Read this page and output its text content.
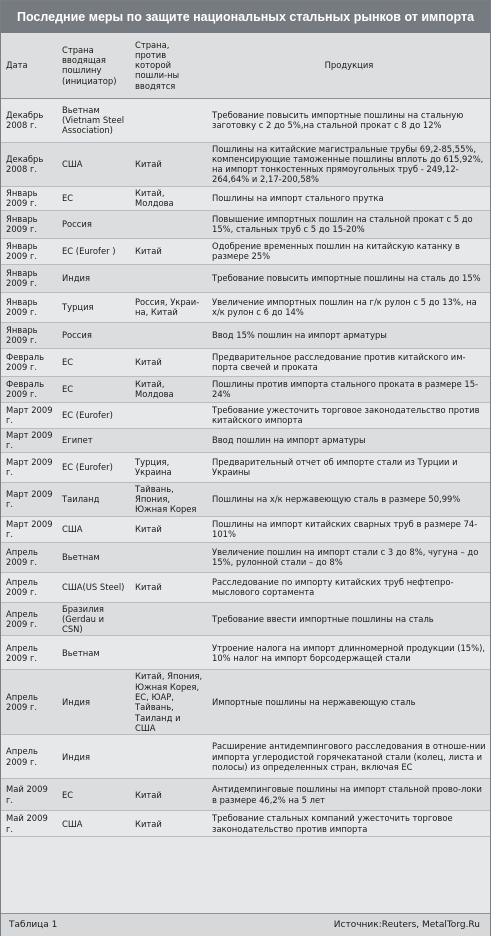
Последние меры по защите национальных стальных рынков от импорта
Дата	Страна вводящая пошлину (инициатор)	Страна, против которой пошли-ны вводятся	Продукция
Декабрь 2008 г.	Вьетнам (Vietnam Steel Association)		Требование повысить импортные пошлины на стальную заготовку с 2 до 5%,на стальной прокат с 8 до 12%
Декабрь 2008 г.	США	Китай	Пошлины на китайские магистральные трубы 69,2-85,55%, компенсирующие таможенные пошлины вплоть до 615,92%, на импорт тонкостенных прямоугольных труб - 249,12-264,64% и 2,17-200,58%
Январь 2009 г.	ЕС	Китай, Молдова	Пошлины на импорт стального прутка
Январь 2009 г.	Россия		Повышение импортных пошлин на стальной прокат с 5 до 15%, стальных труб с 5 до 15-20%
Январь 2009 г.	ЕС (Eurofer )	Китай	Одобрение временных пошлин на китайскую катанку в размере 25%
Январь 2009 г.	Индия		Требование повысить импортные пошлины на сталь до 15%
Январь 2009 г.	Турция	Россия, Украи-на, Китай	Увеличение импортных пошлин на г/к рулон с 5 до 13%, на х/к рулон с 6 до 14%
Январь 2009 г.	Россия		Ввод 15% пошлин на импорт арматуры
Февраль 2009 г.	ЕС	Китай	Предварительное расследование против китайского им-порта свечей и проката
Февраль 2009 г.	ЕС	Китай, Молдова	Пошлины против импорта стального проката в размере 15-24%
Март 2009 г.	ЕС (Eurofer)		Требование ужесточить торговое законодательство против китайского импорта
Март 2009 г.	Египет		Ввод пошлин на импорт арматуры
Март 2009 г.	ЕС (Eurofer)	Турция, Украина	Предварительный отчет об импорте стали из Турции и Украины
Март 2009 г.	Таиланд	Тайвань, Япония, Южная Корея	Пошлины на х/к нержавеющую сталь в размере 50,99%
Март 2009 г.	США	Китай	Пошлины на импорт китайских сварных труб в размере 74- 101%
Апрель 2009 г.	Вьетнам		Увеличение пошлин на импорт стали с 3 до 8%, чугуна – до 15%, рулонной стали – до 8%
Апрель 2009 г.	США(US Steel)	Китай	Расследование по импорту китайских труб нефтепро-мыслового сортамента
Апрель 2009 г.	Бразилия (Gerdau и CSN)		Требование ввести импортные пошлины на сталь
Апрель 2009 г.	Вьетнам		Утроение налога на импорт длинномерной продукции (15%), 10% налог на импорт борсодержащей стали
Апрель 2009 г.	Индия	Китай, Япония, Южная Корея, ЕС, ЮАР, Тайвань, Таиланд и США	Импортные пошлины на нержавеющую сталь
Апрель 2009 г.	Индия		Расширение антидемпингового расследования в отноше-нии импорта углеродистой горячекатаной стали (колец, листа и полосы) из определенных стран, включая ЕС
Май 2009 г.	ЕС	Китай	Антидемпинговые пошлины на импорт стальной прово-локи в размере 46,2% на 5 лет
Май 2009 г.	США	Китай	Требование стальных компаний ужесточить торговое законодательство против импорта
Таблица 1	Источник:Reuters, MetalTorg.Ru
